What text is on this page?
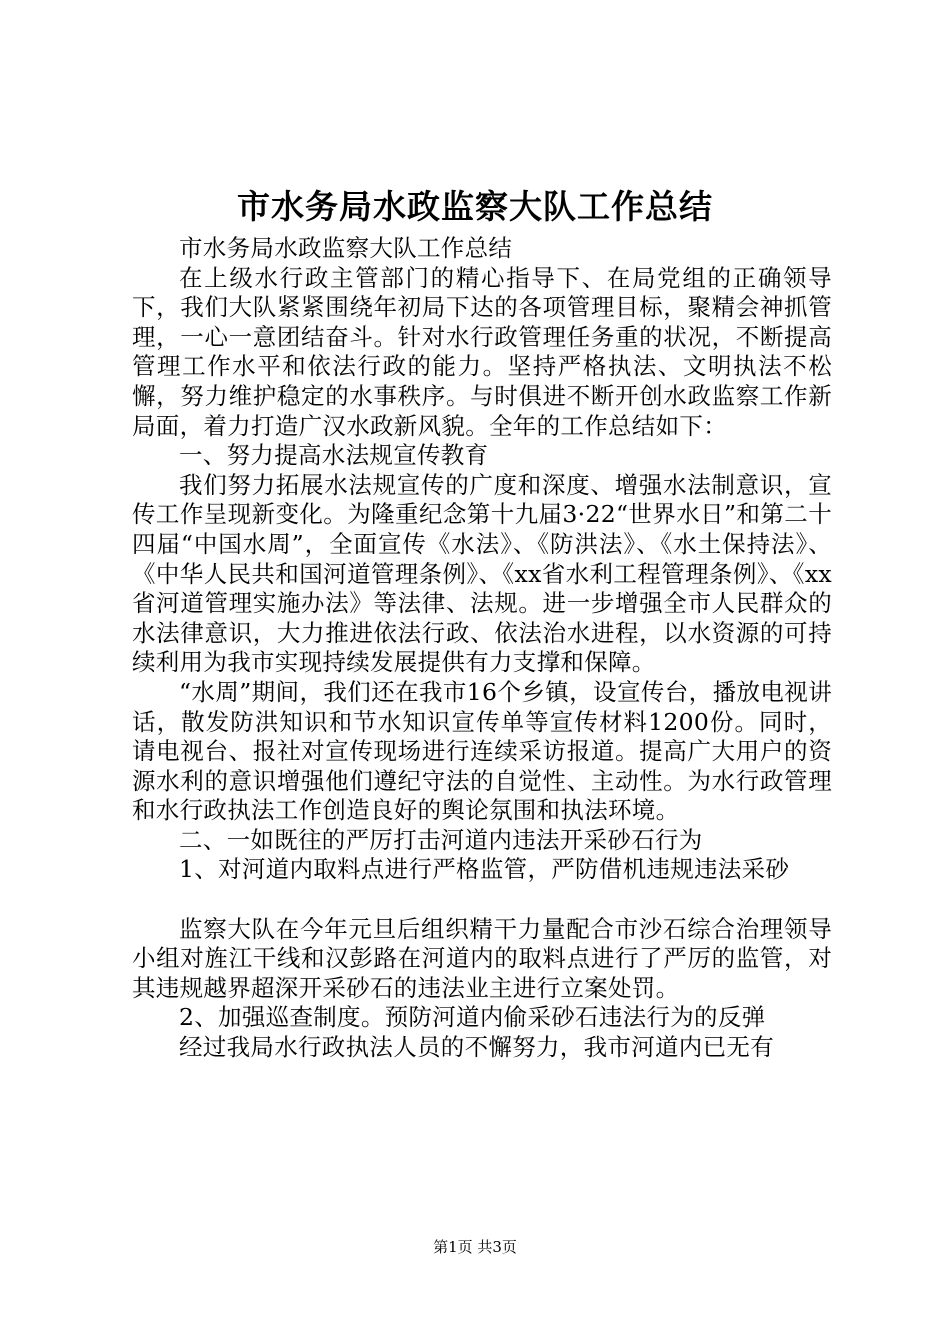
市水务局水政监察大队工作总结

市水务局水政监察大队工作总结

在上级水行政主管部门的精心指导下、在局党组的正确领导下，我们大队紧紧围绕年初局下达的各项管理目标，聚精会神抓管理，一心一意团结奋斗。针对水行政管理任务重的状况，不断提高管理工作水平和依法行政的能力。坚持严格执法、文明执法不松懈，努力维护稳定的水事秩序。与时俱进不断开创水政监察工作新局面，着力打造广汉水政新风貌。全年的工作总结如下：

一、努力提高水法规宣传教育

我们努力拓展水法规宣传的广度和深度、增强水法制意识，宣传工作呈现新变化。为隆重纪念第十九届3·22“世界水日”和第二十四届“中国水周”，全面宣传《水法》、《防洪法》、《水土保持法》、《中华人民共和国河道管理条例》、《xx省水利工程管理条例》、《xx省河道管理实施办法》等法律、法规。进一步增强全市人民群众的水法律意识，大力推进依法行政、依法治水进程，以水资源的可持续利用为我市实现持续发展提供有力支撑和保障。

“水周”期间，我们还在我市16个乡镇，设宣传台，播放电视讲话，散发防洪知识和节水知识宣传单等宣传材料1200份。同时，请电视台、报社对宣传现场进行连续采访报道。提高广大用户的资源水利的意识增强他们遵纪守法的自觉性、主动性。为水行政管理和水行政执法工作创造良好的舆论氛围和执法环境。

二、一如既往的严厉打击河道内违法开采砂石行为

1、对河道内取料点进行严格监管，严防借机违规违法采砂

监察大队在今年元旦后组织精干力量配合市沙石综合治理领导小组对旌江干线和汉彭路在河道内的取料点进行了严厉的监管，对其违规越界超深开采砂石的违法业主进行立案处罚。

2、加强巡查制度。预防河道内偷采砂石违法行为的反弹

经过我局水行政执法人员的不懈努力，我市河道内已无有

第1页 共3页
